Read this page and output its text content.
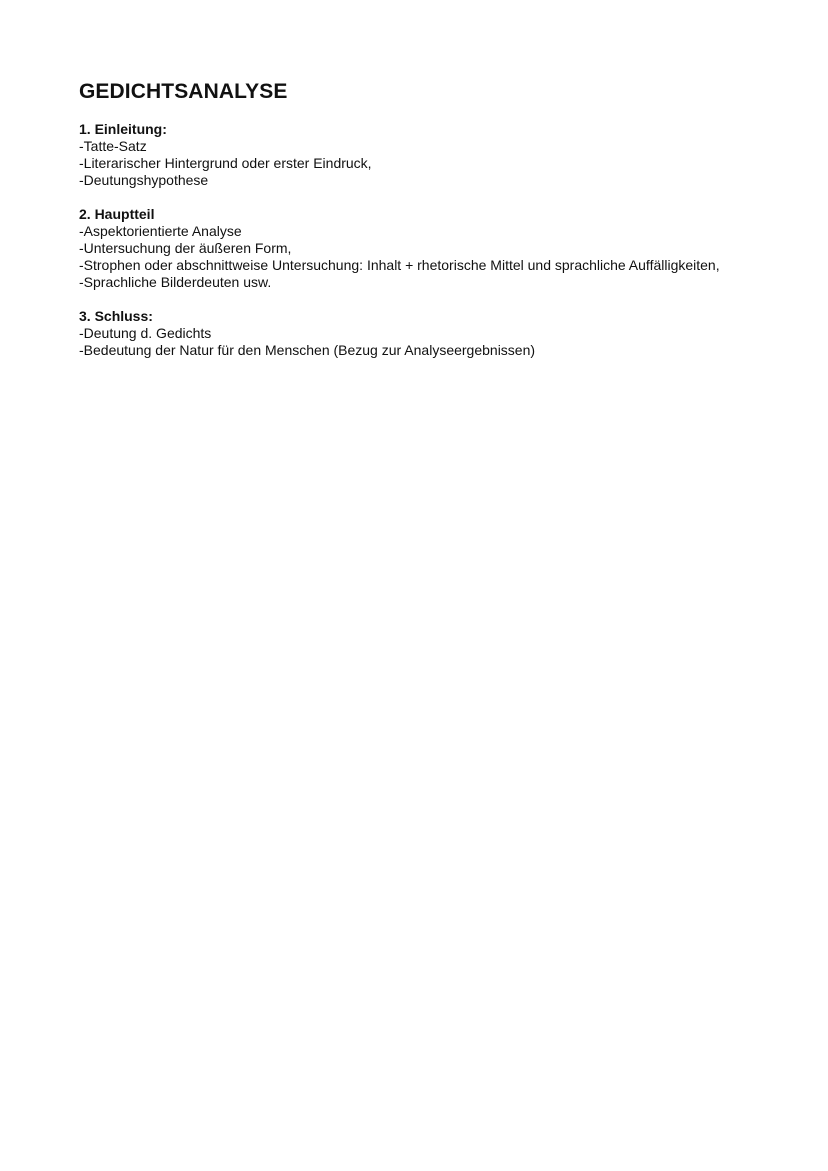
GEDICHTSANALYSE
1. Einleitung:
-Tatte-Satz
-Literarischer Hintergrund oder erster Eindruck,
-Deutungshypothese
2. Hauptteil
-Aspektorientierte Analyse
-Untersuchung der äußeren Form,
-Strophen oder abschnittweise Untersuchung: Inhalt + rhetorische Mittel und sprachliche Auffälligkeiten,
-Sprachliche Bilderdeuten usw.
3. Schluss:
-Deutung d. Gedichts
-Bedeutung der Natur für den Menschen (Bezug zur Analyseergebnissen)
